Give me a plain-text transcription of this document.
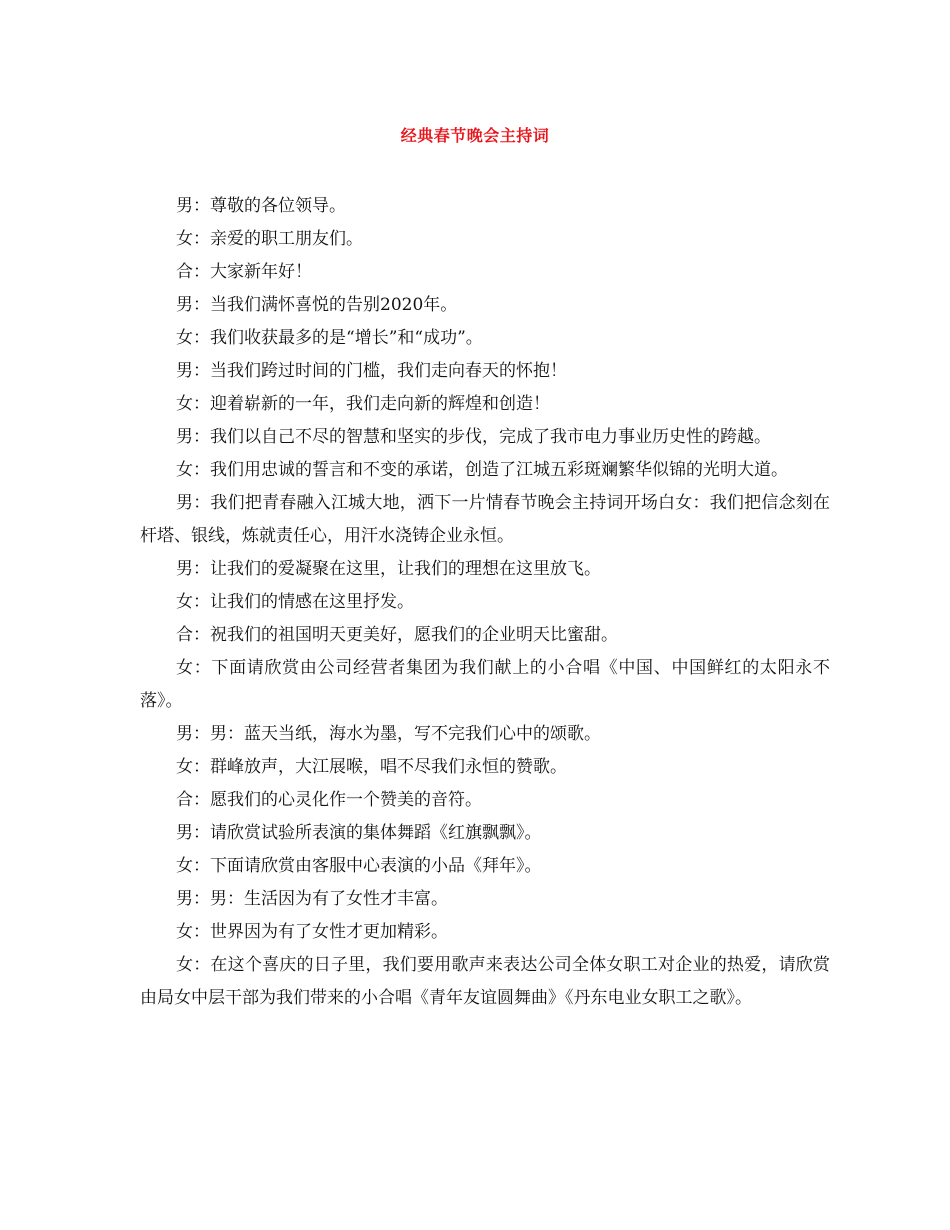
经典春节晚会主持词

男：尊敬的各位领导。

女：亲爱的职工朋友们。

合：大家新年好！

男：当我们满怀喜悦的告别2020年。

女：我们收获最多的是“增长”和“成功”。

男：当我们跨过时间的门槛，我们走向春天的怀抱！

女：迎着崭新的一年，我们走向新的辉煌和创造！

男：我们以自己不尽的智慧和坚实的步伐，完成了我市电力事业历史性的跨越。

女：我们用忠诚的誓言和不变的承诺，创造了江城五彩斑斓繁华似锦的光明大道。

男：我们把青春融入江城大地，洒下一片情春节晚会主持词开场白女：我们把信念刻在杆塔、银线，炼就责任心，用汗水浇铸企业永恒。

男：让我们的爱凝聚在这里，让我们的理想在这里放飞。

女：让我们的情感在这里抒发。

合：祝我们的祖国明天更美好，愿我们的企业明天比蜜甜。

女：下面请欣赏由公司经营者集团为我们献上的小合唱《中国、中国鲜红的太阳永不落》。

男：男：蓝天当纸，海水为墨，写不完我们心中的颂歌。

女：群峰放声，大江展喉，唱不尽我们永恒的赞歌。

合：愿我们的心灵化作一个赞美的音符。

男：请欣赏试验所表演的集体舞蹈《红旗飘飘》。

女：下面请欣赏由客服中心表演的小品《拜年》。

男：男：生活因为有了女性才丰富。

女：世界因为有了女性才更加精彩。

女：在这个喜庆的日子里，我们要用歌声来表达公司全体女职工对企业的热爱，请欣赏由局女中层干部为我们带来的小合唱《青年友谊圆舞曲》《丹东电业女职工之歌》。
